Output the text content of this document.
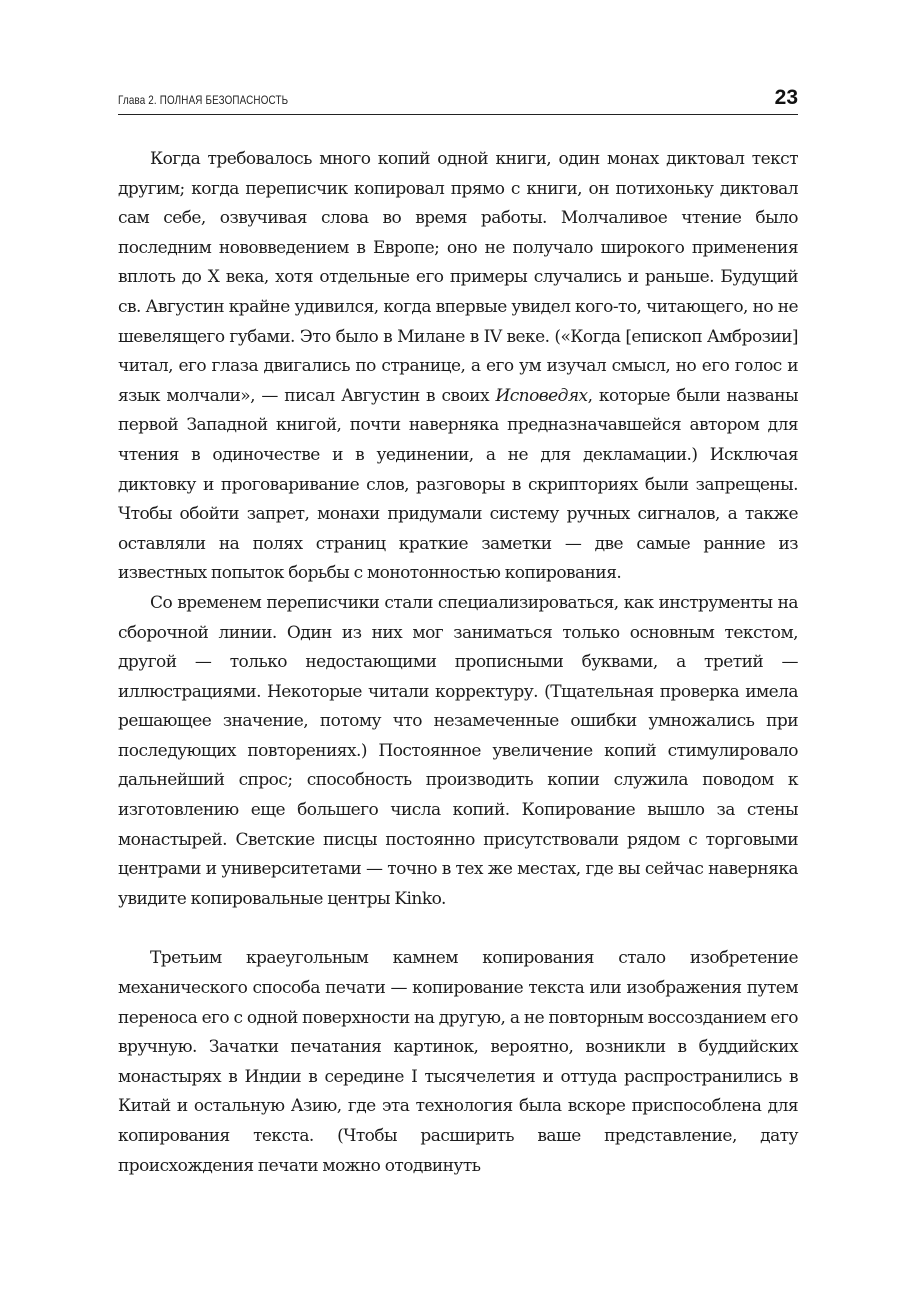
Глава 2. ПОЛНАЯ БЕЗОПАСНОСТЬ	23

Когда требовалось много копий одной книги, один монах диктовал текст другим; когда переписчик копировал прямо с книги, он потихоньку диктовал сам себе, озвучивая слова во время работы. Молчаливое чтение было последним нововведением в Европе; оно не получало широкого применения вплоть до X века, хотя отдельные его примеры случались и раньше. Будущий св. Августин крайне удивился, когда впервые увидел кого-то, читающего, но не шевелящего губами. Это было в Милане в IV веке. («Когда [епископ Амброзии] читал, его глаза двигались по странице, а его ум изучал смысл, но его голос и язык молчали», — писал Августин в своих Исповедях, которые были названы первой Западной книгой, почти наверняка предназначавшейся автором для чтения в одиночестве и в уединении, а не для декламации.) Исключая диктовку и проговаривание слов, разговоры в скрипториях были запрещены. Чтобы обойти запрет, монахи придумали систему ручных сигналов, а также оставляли на полях страниц краткие заметки — две самые ранние из известных попыток борьбы с монотонностью копирования.

Со временем переписчики стали специализироваться, как инструменты на сборочной линии. Один из них мог заниматься только основным текстом, другой — только недостающими прописными буквами, а третий — иллюстрациями. Некоторые читали корректуру. (Тщательная проверка имела решающее значение, потому что незамеченные ошибки умножались при последующих повторениях.) Постоянное увеличение копий стимулировало дальнейший спрос; способность производить копии служила поводом к изготовлению еще большего числа копий. Копирование вышло за стены монастырей. Светские писцы постоянно присутствовали рядом с торговыми центрами и университетами — точно в тех же местах, где вы сейчас наверняка увидите копировальные центры Kinko.

Третьим краеугольным камнем копирования стало изобретение механического способа печати — копирование текста или изображения путем переноса его с одной поверхности на другую, а не повторным воссозданием его вручную. Зачатки печатания картинок, вероятно, возникли в буддийских монастырях в Индии в середине I тысячелетия и оттуда распространились в Китай и остальную Азию, где эта технология была вскоре приспособлена для копирования текста. (Чтобы расширить ваше представление, дату происхождения печати можно отодвинуть
